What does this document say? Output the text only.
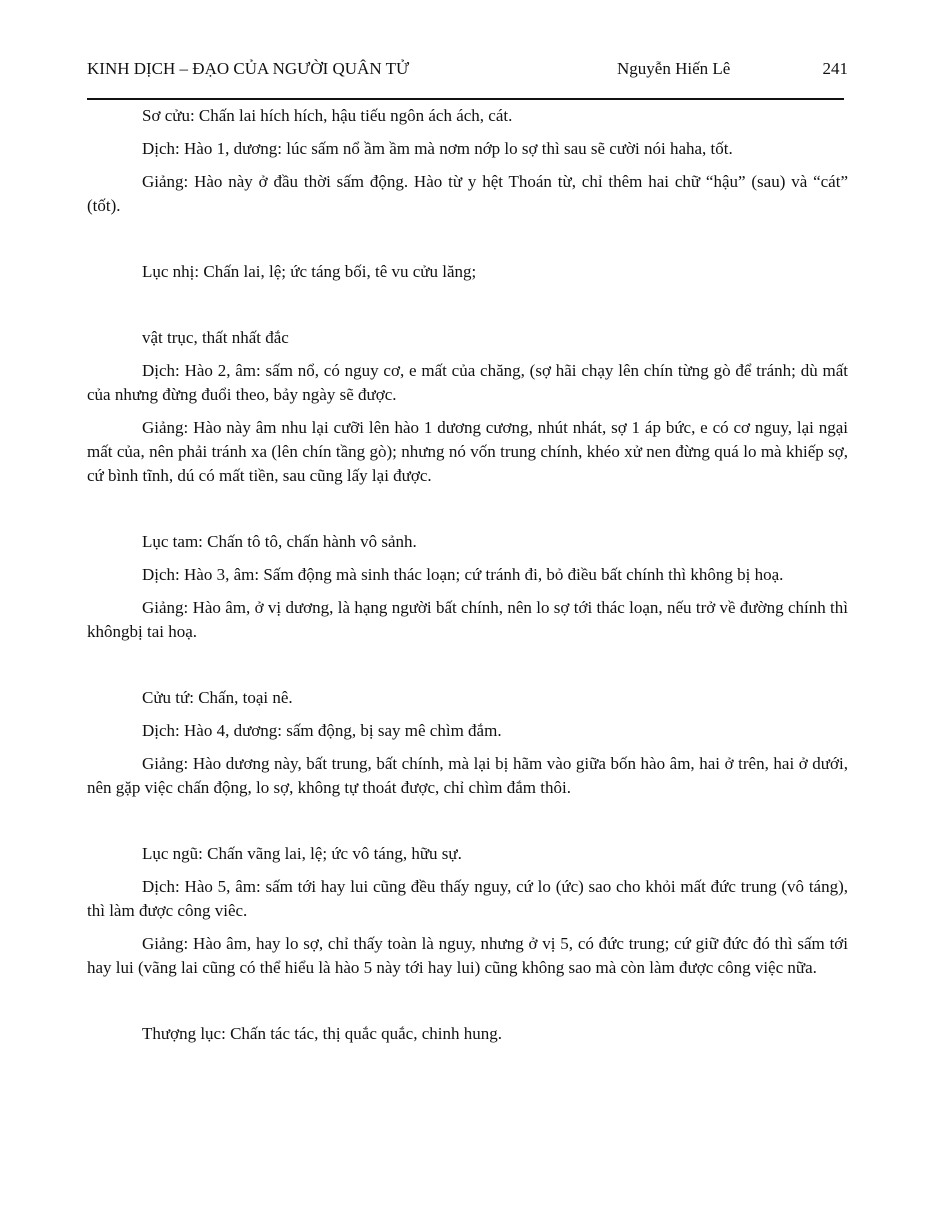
KINH DỊCH – ĐẠO CỦA NGƯỜI QUÂN TỬ	Nguyễn Hiến Lê	241

Sơ cửu: Chấn lai hích hích, hậu tiếu ngôn ách ách, cát.

Dịch: Hào 1, dương: lúc sấm nổ ầm ầm mà nơm nớp lo sợ thì sau sẽ cười nói haha, tốt.

Giảng: Hào này ở đầu thời sấm động. Hào từ y hệt Thoán từ, chỉ thêm hai chữ “hậu” (sau) và “cát” (tốt).

Lục nhị: Chấn lai, lệ; ức táng bối, tê vu cửu lăng;

vật trục, thất nhất đắc

Dịch: Hào 2, âm: sấm nổ, có nguy cơ, e mất của chăng, (sợ hãi chạy lên chín từng gò để tránh; dù mất của nhưng đừng đuổi theo, bảy ngày sẽ được.

Giảng: Hào này âm nhu lại cưỡi lên hào 1 dương cương, nhút nhát, sợ 1 áp bức, e có cơ nguy, lại ngại mất của, nên phải tránh xa (lên chín tầng gò); nhưng nó vốn trung chính, khéo xử nen đừng quá lo mà khiếp sợ, cứ bình tĩnh, dú có mất tiền, sau cũng lấy lại được.

Lục tam: Chấn tô tô, chấn hành vô sảnh.

Dịch: Hào 3, âm: Sấm động mà sinh thác loạn; cứ tránh đi, bỏ điều bất chính thì không bị hoạ.

Giảng: Hào âm, ở vị dương, là hạng người bất chính, nên lo sợ tới thác loạn, nếu trở về đường chính thì khôngbị tai hoạ.

Cửu tứ: Chấn, toại nê.

Dịch: Hào 4, dương: sấm động, bị say mê chìm đắm.

Giảng: Hào dương này, bất trung, bất chính, mà lại bị hãm vào giữa bốn hào âm, hai ở trên, hai ở dưới, nên gặp việc chấn động, lo sợ, không tự thoát được, chỉ chìm đắm thôi.

Lục ngũ: Chấn vãng lai, lệ; ức vô táng, hữu sự.

Dịch: Hào 5, âm: sấm tới hay lui cũng đều thấy nguy, cứ lo (ức) sao cho khỏi mất đức trung (vô táng), thì làm được công viêc.

Giảng: Hào âm, hay lo sợ, chỉ thấy toàn là nguy, nhưng ở vị 5, có đức trung; cứ giữ đức đó thì sấm tới hay lui (vãng lai cũng có thể hiểu là hào 5 này tới hay lui) cũng không sao mà còn làm được công việc nữa.

Thượng lục: Chấn tác tác, thị quắc quắc, chinh hung.
